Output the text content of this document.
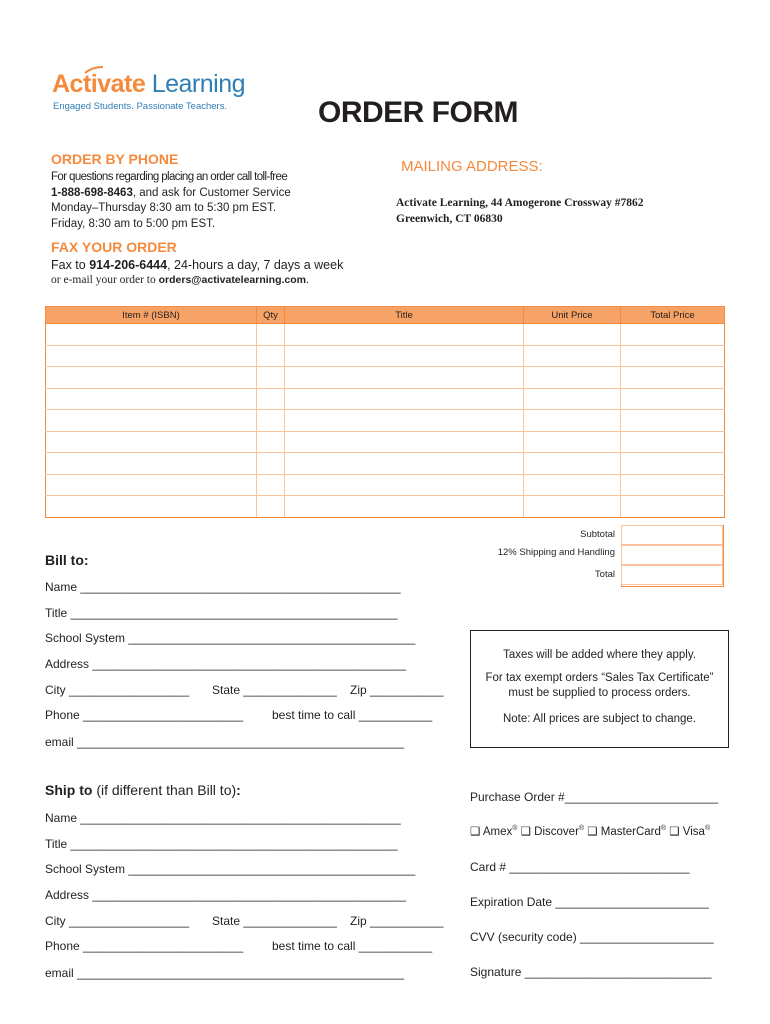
Activate Learning
Engaged Students. Passionate Teachers.	ORDER FORM
ORDER BY PHONE
For questions regarding placing an order call toll-free
1-888-698-8463, and ask for Customer Service
Monday–Thursday 8:30 am to 5:30 pm EST.
Friday, 8:30 am to 5:00 pm EST.
MAILING ADDRESS:
Activate Learning, 44 Amogerone Crossway #7862
Greenwich, CT 06830
FAX YOUR ORDER
Fax to 914-206-6444, 24-hours a day, 7 days a week
or e-mail your order to orders@activatelearning.com.
Item # (ISBN)	Qty	Title	Unit Price	Total Price

Subtotal
12% Shipping and Handling
Total
Bill to:
Name ________________________________________________
Title _________________________________________________
School System ___________________________________________
Address _______________________________________________
City __________________ State ______________ Zip ___________
Phone ________________________ best time to call ___________
email _________________________________________________

Taxes will be added where they apply.

For tax exempt orders “Sales Tax Certificate”

must be supplied to process orders.

Note: All prices are subject to change.

Ship to (if different than Bill to):
Name ________________________________________________
Title _________________________________________________
School System ___________________________________________
Address _______________________________________________
City __________________ State ______________ Zip ___________
Phone ________________________ best time to call ___________
email _________________________________________________
Purchase Order #_______________________
❑ Amex® ❑ Discover® ❑ MasterCard® ❑ Visa®
Card # ___________________________
Expiration Date _______________________
CVV (security code) ____________________
Signature ____________________________
